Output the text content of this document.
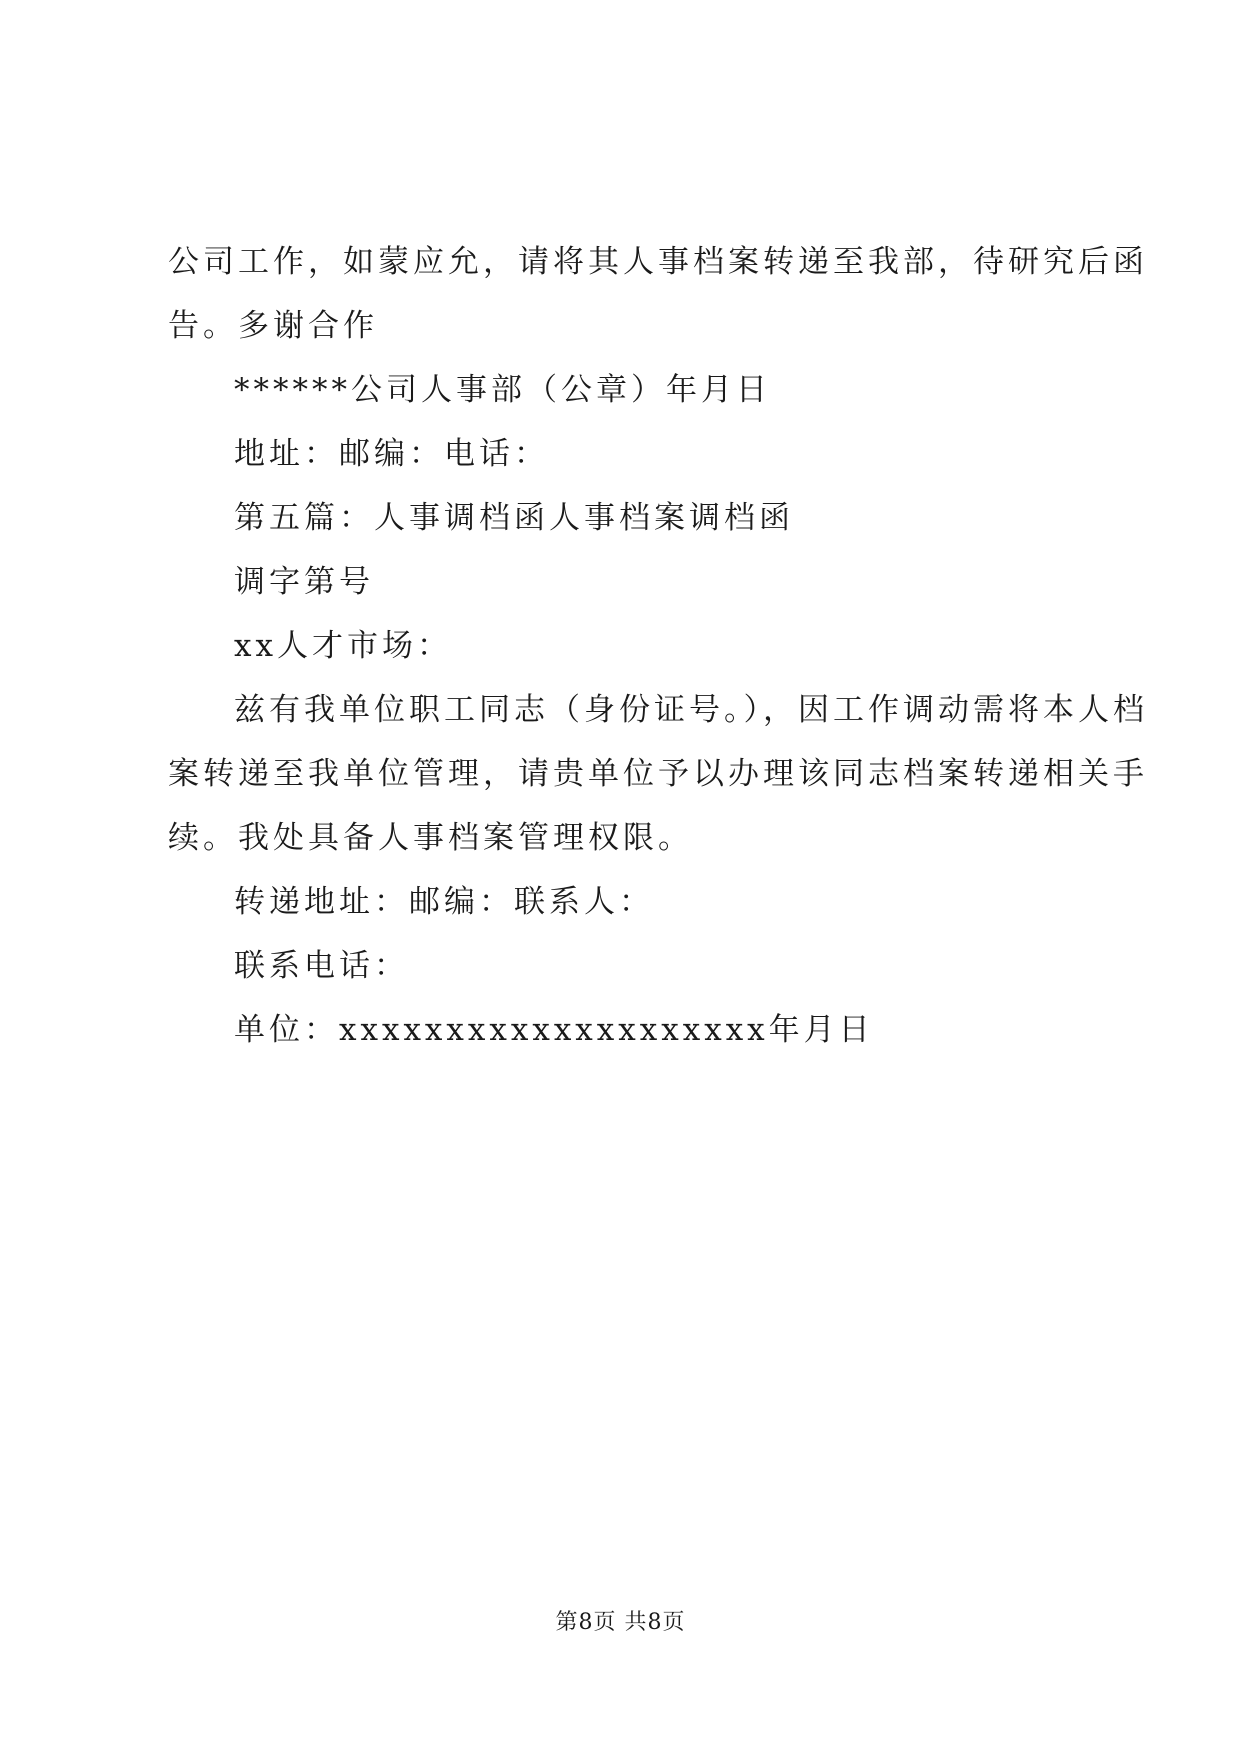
公司工作，如蒙应允，请将其人事档案转递至我部，待研究后函
告。多谢合作
******公司人事部（公章）年月日
地址：邮编：电话：
第五篇：人事调档函人事档案调档函
调字第号
xx人才市场：
兹有我单位职工同志（身份证号。），因工作调动需将本人档
案转递至我单位管理，请贵单位予以办理该同志档案转递相关手
续。我处具备人事档案管理权限。
转递地址：邮编：联系人：
联系电话：
单位：xxxxxxxxxxxxxxxxxxxx年月日
第8页 共8页
